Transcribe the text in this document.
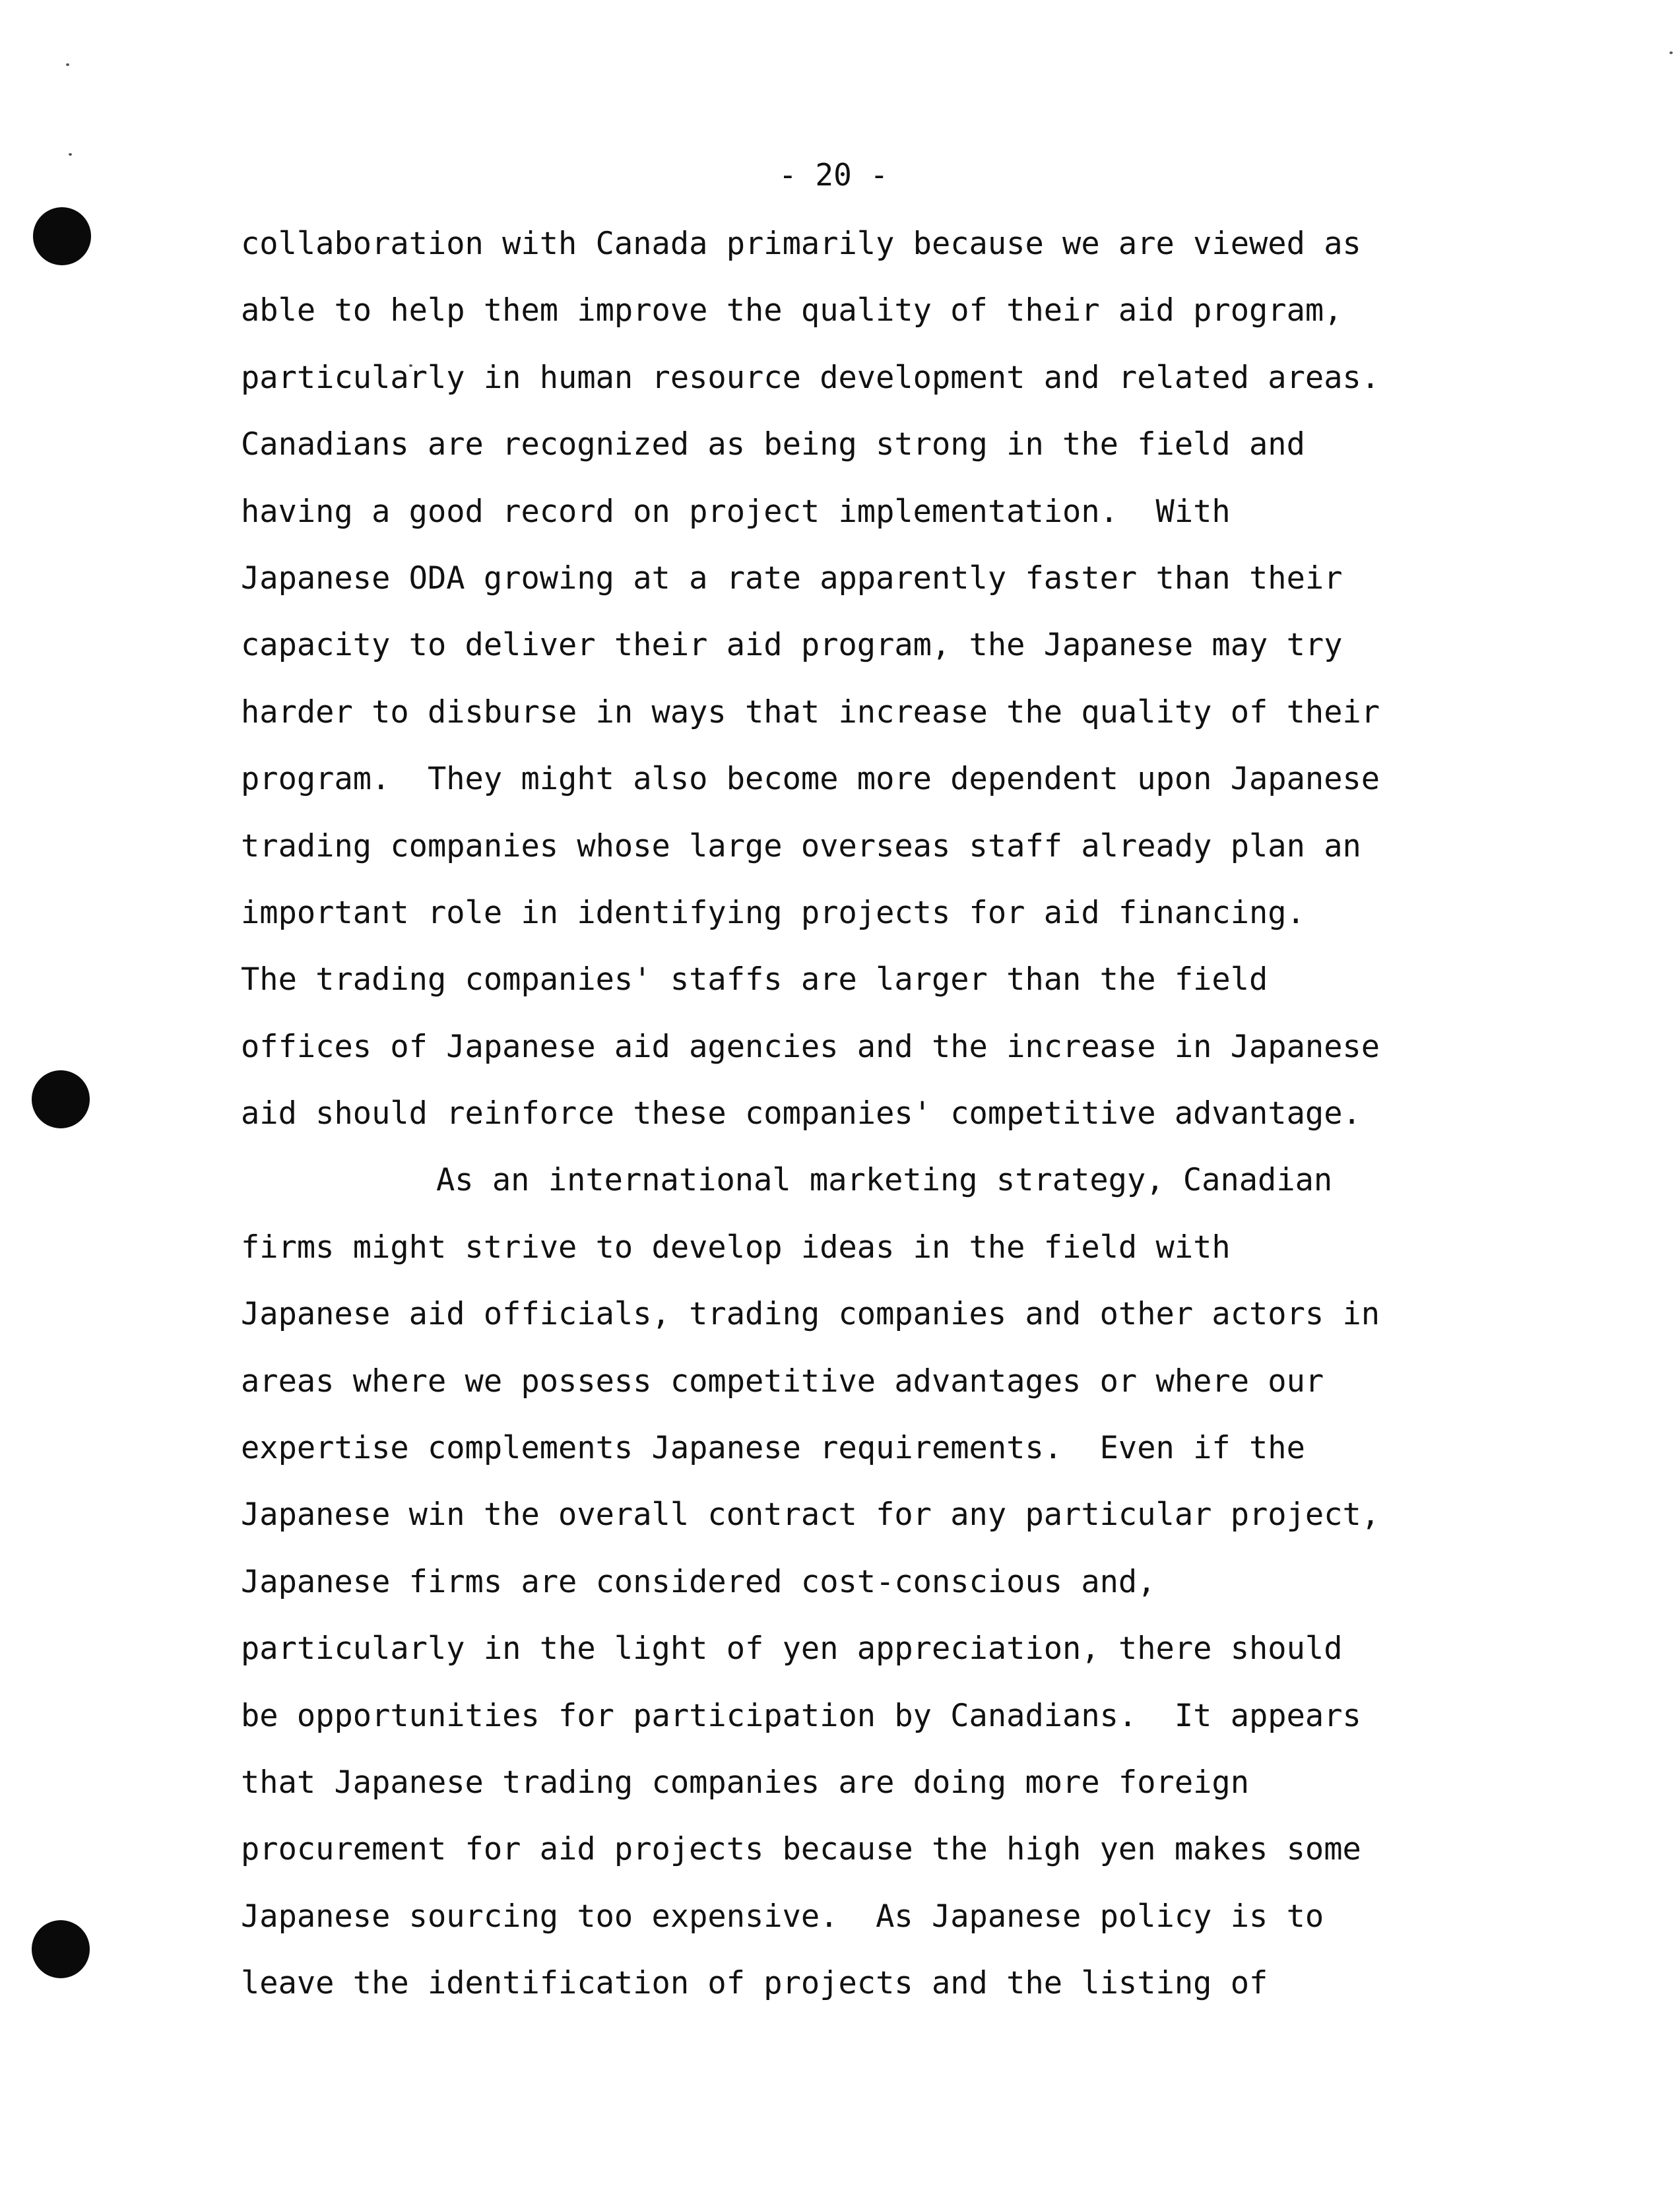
- 20 -
collaboration with Canada primarily because we are viewed as
able to help them improve the quality of their aid program,
particularly in human resource development and related areas.
Canadians are recognized as being strong in the field and
having a good record on project implementation.  With
Japanese ODA growing at a rate apparently faster than their
capacity to deliver their aid program, the Japanese may try
harder to disburse in ways that increase the quality of their
program.  They might also become more dependent upon Japanese
trading companies whose large overseas staff already plan an
important role in identifying projects for aid financing.
The trading companies' staffs are larger than the field
offices of Japanese aid agencies and the increase in Japanese
aid should reinforce these companies' competitive advantage.
As an international marketing strategy, Canadian
firms might strive to develop ideas in the field with
Japanese aid officials, trading companies and other actors in
areas where we possess competitive advantages or where our
expertise complements Japanese requirements.  Even if the
Japanese win the overall contract for any particular project,
Japanese firms are considered cost-conscious and,
particularly in the light of yen appreciation, there should
be opportunities for participation by Canadians.  It appears
that Japanese trading companies are doing more foreign
procurement for aid projects because the high yen makes some
Japanese sourcing too expensive.  As Japanese policy is to
leave the identification of projects and the listing of
